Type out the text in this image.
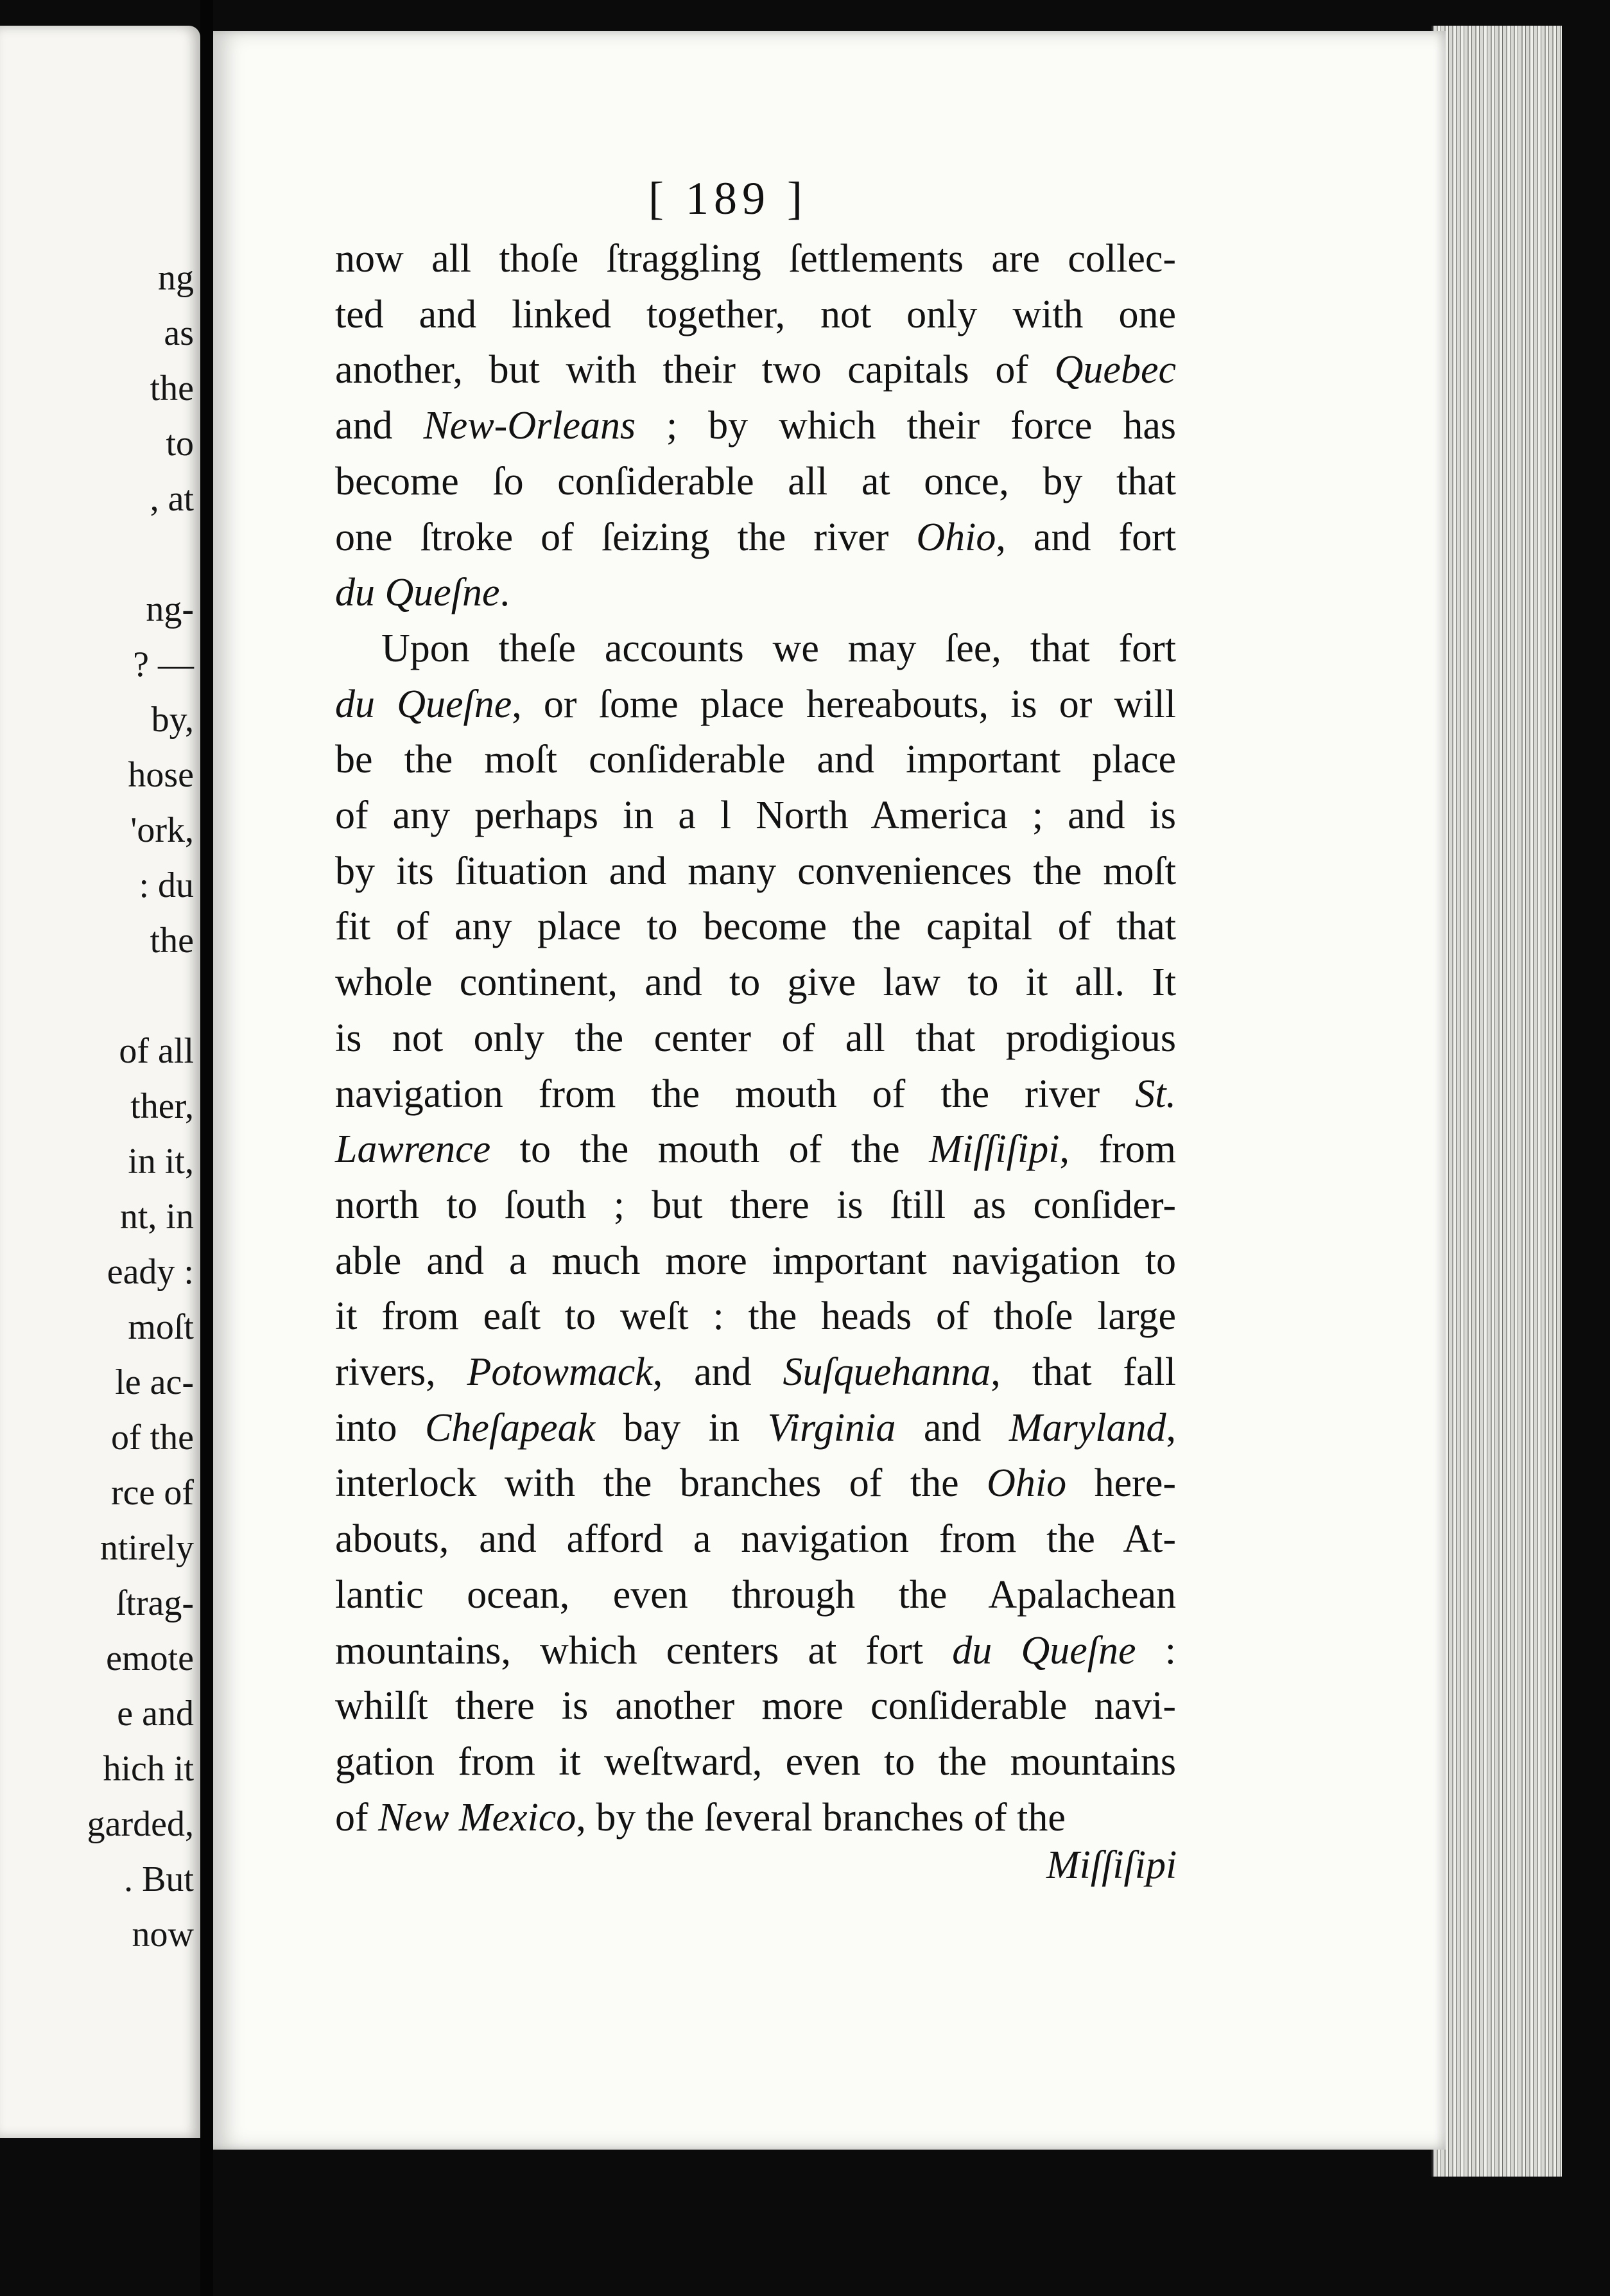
ng
as
the
to
, at
ng-
? —
by,
hose
'ork,
: du
the
of all
ther,
in it,
nt, in
eady :
moſt
le ac-
of the
rce of
ntirely
ſtrag-
emote
e and
hich it
garded,
. But
now
[ 189 ]
now all thoſe ſtraggling ſettlements are collec-
ted and linked together, not only with one
another, but with their two capitals of Quebec
and New-Orleans ; by which their force has
become ſo conſiderable all at once, by that
one ſtroke of ſeizing the river Ohio, and fort
du Queſne.
Upon theſe accounts we may ſee, that fort
du Queſne, or ſome place hereabouts, is or will
be the moſt conſiderable and important place
of any perhaps in a l North America ; and is
by its ſituation and many conveniences the moſt
fit of any place to become the capital of that
whole continent, and to give law to it all. It
is not only the center of all that prodigious
navigation from the mouth of the river St.
Lawrence to the mouth of the Miſſiſipi, from
north to ſouth ; but there is ſtill as conſider-
able and a much more important navigation to
it from eaſt to weſt : the heads of thoſe large
rivers, Potowmack, and Suſquehanna, that fall
into Cheſapeak bay in Virginia and Maryland,
interlock with the branches of the Ohio here-
abouts, and afford a navigation from the At-
lantic ocean, even through the Apalachean
mountains, which centers at fort du Queſne :
whilſt there is another more conſiderable navi-
gation from it weſtward, even to the mountains
of New Mexico, by the ſeveral branches of the
Miſſiſipi
